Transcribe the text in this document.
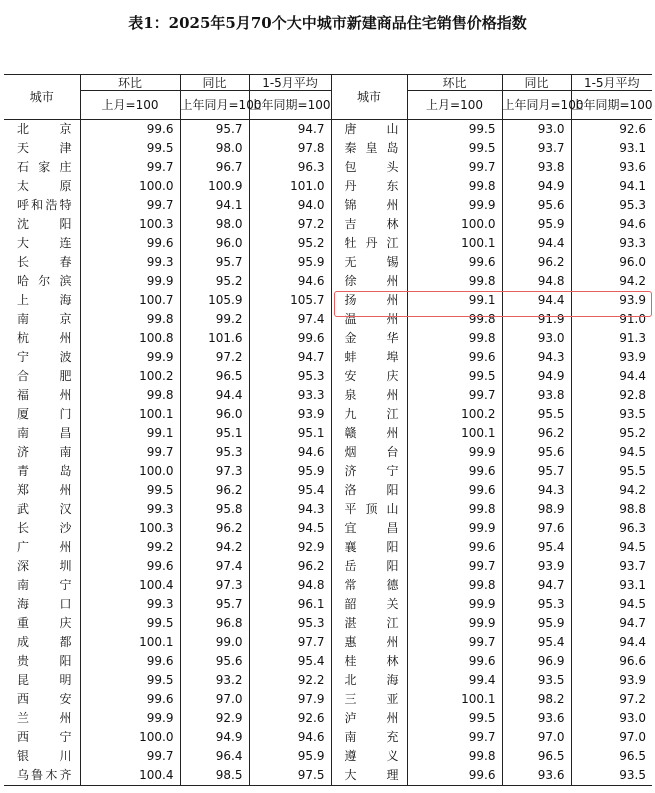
表1：2025年5月70个大中城市新建商品住宅销售价格指数
城市	环比	同比	1-5月平均	城市	环比	同比	1-5月平均
	上月=100	上年同月=100	上年同期=100		上月=100	上年同月=100	上年同期=100
北京	99.6	95.7	94.7	唐山	99.5	93.0	92.6
天津	99.5	98.0	97.8	秦皇岛	99.5	93.7	93.1
石家庄	99.7	96.7	96.3	包头	99.7	93.8	93.6
太原	100.0	100.9	101.0	丹东	99.8	94.9	94.1
呼和浩特	99.7	94.1	94.0	锦州	99.9	95.6	95.3
沈阳	100.3	98.0	97.2	吉林	100.0	95.9	94.6
大连	99.6	96.0	95.2	牡丹江	100.1	94.4	93.3
长春	99.3	95.7	95.9	无锡	99.6	96.2	96.0
哈尔滨	99.9	95.2	94.6	徐州	99.8	94.8	94.2
上海	100.7	105.9	105.7	扬州	99.1	94.4	93.9
南京	99.8	99.2	97.4	温州	99.8	91.9	91.0
杭州	100.8	101.6	99.6	金华	99.8	93.0	91.3
宁波	99.9	97.2	94.7	蚌埠	99.6	94.3	93.9
合肥	100.2	96.5	95.3	安庆	99.5	94.9	94.4
福州	99.8	94.4	93.3	泉州	99.7	93.8	92.8
厦门	100.1	96.0	93.9	九江	100.2	95.5	93.5
南昌	99.1	95.1	95.1	赣州	100.1	96.2	95.2
济南	99.7	95.3	94.6	烟台	99.9	95.6	94.5
青岛	100.0	97.3	95.9	济宁	99.6	95.7	95.5
郑州	99.5	96.2	95.4	洛阳	99.6	94.3	94.2
武汉	99.3	95.8	94.3	平顶山	99.8	98.9	98.8
长沙	100.3	96.2	94.5	宜昌	99.9	97.6	96.3
广州	99.2	94.2	92.9	襄阳	99.6	95.4	94.5
深圳	99.6	97.4	96.2	岳阳	99.7	93.9	93.7
南宁	100.4	97.3	94.8	常德	99.8	94.7	93.1
海口	99.3	95.7	96.1	韶关	99.9	95.3	94.5
重庆	99.5	96.8	95.3	湛江	99.9	95.9	94.7
成都	100.1	99.0	97.7	惠州	99.7	95.4	94.4
贵阳	99.6	95.6	95.4	桂林	99.6	96.9	96.6
昆明	99.5	93.2	92.2	北海	99.4	93.5	93.9
西安	99.6	97.0	97.9	三亚	100.1	98.2	97.2
兰州	99.9	92.9	92.6	泸州	99.5	93.6	93.0
西宁	100.0	94.9	94.6	南充	99.7	97.0	97.0
银川	99.7	96.4	95.9	遵义	99.8	96.5	96.5
乌鲁木齐	100.4	98.5	97.5	大理	99.6	93.6	93.5
